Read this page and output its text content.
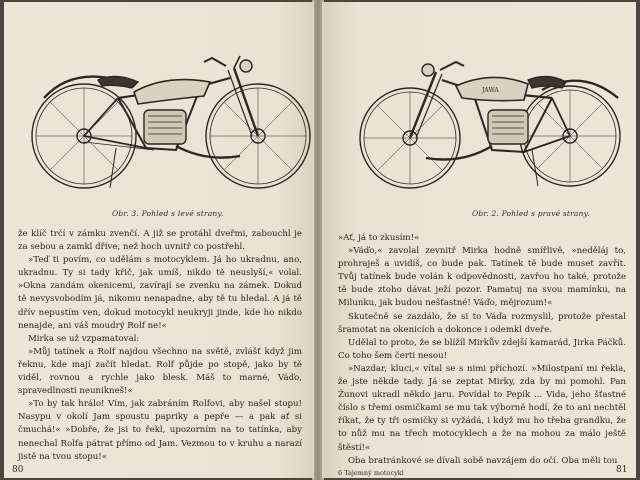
Obr. 3. Pohled s levé strany.

že klíč trčí v zámku zvenčí. A již se protáhl dveřmi, zabouchl je za sebou a zamkl dříve, než hoch uvnitř co postřehl.

»Teď ti povím, co udělám s motocyklem. Já ho ukradnu, ano, ukradnu. Ty si tady křič, jak umíš, nikdo tě neuslyší,« volal. »Okna zandám okenicemi, zavírají se zvenku na zámek. Dokud tě nevysvobodím já, nikomu nenapadne, aby tě tu hledal. A já tě dřív nepustím ven, dokud motocykl neukryji jinde, kde ho nikdo nenajde, ani váš moudrý Rolf ne!«

Mirka se už vzpamatoval:

»Můj tatínek a Rolf najdou všechno na světě, zvlášť když jim řeknu, kde mají začít hledat. Rolf půjde po stopě, jako by tě viděl, rovnou a rychle jako blesk. Máš to marné, Váďo, spravedlnosti neunikneš!«

»To by tak hrálo! Vím, jak zabráním Rolfovi, aby našel stopu! Nasypu v okolí Jam spoustu papriky a pepře — a pak ať si čmuchá!« »Dobře, že jsi to řekl, upozorním na to tatínka, aby nenechal Rolfa pátrat přímo od Jam. Vezmou to v kruhu a narazí jistě na tvou stopu!«

80
JAWA
Obr. 2. Pohled s pravé strany.

»Ať, já to zkusím!«

»Váďo,« zavolal zevnitř Mirka hodně smířlivě, »neděláj to, prohraješ a uvidíš, co bude pak. Tatínek tě bude muset zavřít. Tvůj tatínek bude volán k odpovědnosti, zavřou ho také, protože tě bude ztoho dávat ježí pozor. Pamatuj na svou mamínku, na Milunku, jak budou nešťastné! Váďo, mějrozum!«

Skutečně se zazdálo, že si to Váďa rozmyslil, protože přestal šramotat na okenicích a dokonce i odemkl dveře.

Udělal to proto, že se blížil Mirkův zdejší kamarád, Jirka Páčků. Co toho šem čerti nesou!

»Nazdar, kluci,« vítal se s nimi příchozí. »Milostpaní mi řekla, že jste někde tady. Já se zeptat Mirky, zda by mi pomohl. Pan Žunovi ukradl někdo jaru. Povídal to Pepík ... Vida, jeho šťastné číslo s třemi osmičkami se mu tak výborně hodí, že to ani nechtěl říkat, že ty tři osmičky si vyžádá, i když mu ho třeba grandku, že to nůž mu na třech motocyklech a že na mohou za málo ještě štěstí!«

Oba bratránkové se dívali sobě navzájem do očí. Oba měli tou

6 Tajemný motocykl	81
